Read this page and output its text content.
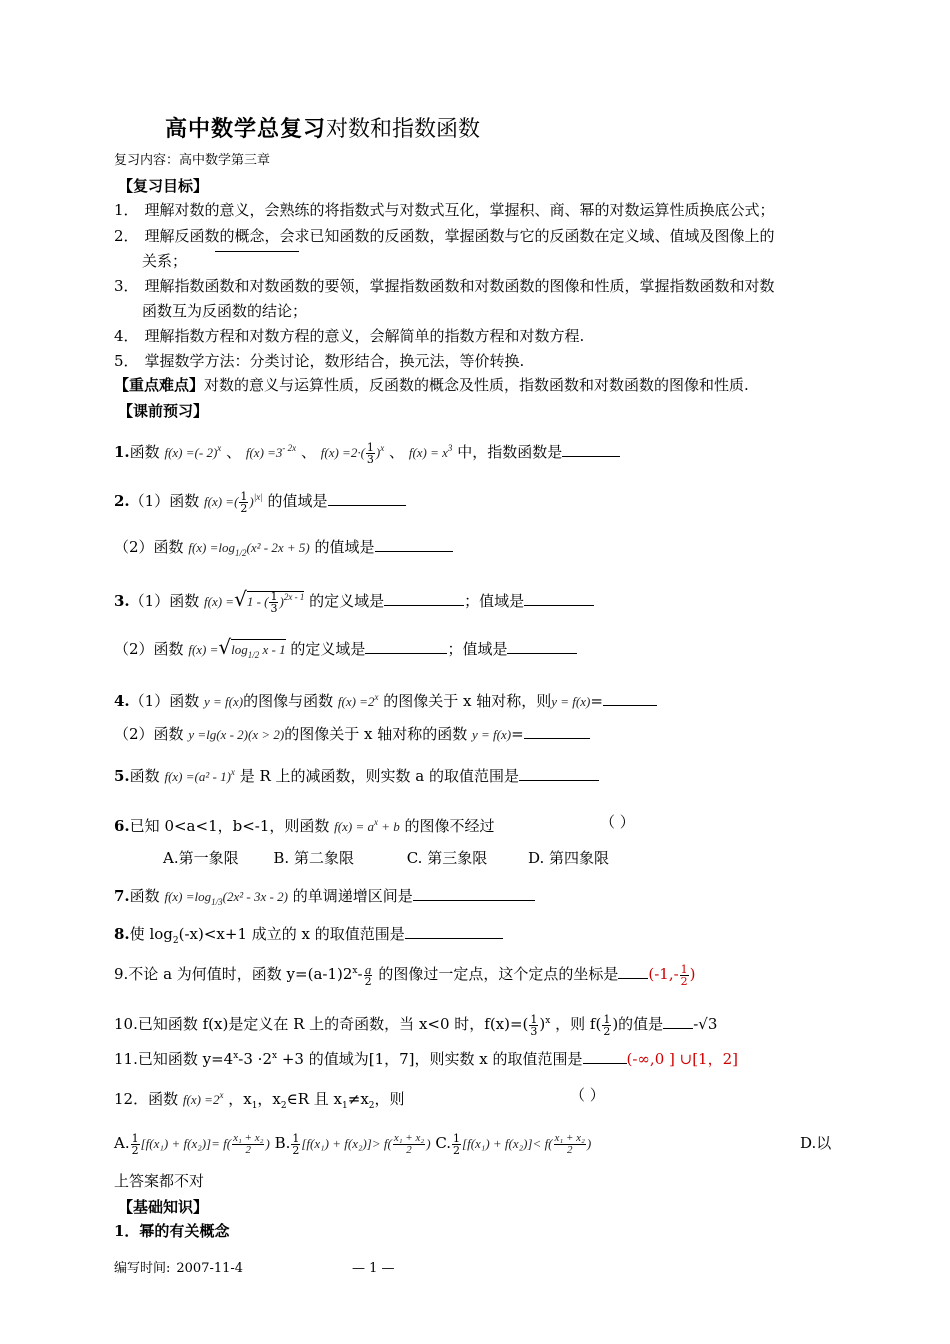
高中数学总复习对数和指数函数
复习内容：高中数学第三章
【复习目标】
1． 理解对数的意义，会熟练的将指数式与对数式互化，掌握积、商、幂的对数运算性质换底公式；
2． 理解反函数的概念，会求已知函数的反函数，掌握函数与它的反函数在定义域、值域及图像上的
关系；
3． 理解指数函数和对数函数的要领，掌握指数函数和对数函数的图像和性质，掌握指数函数和对数
函数互为反函数的结论；
4． 理解指数方程和对数方程的意义，会解简单的指数方程和对数方程.
5． 掌握数学方法：分类讨论，数形结合，换元法，等价转换.
【重点难点】对数的意义与运算性质，反函数的概念及性质，指数函数和对数函数的图像和性质.
【课前预习】
1.函数 f(x) =(- 2)$^x$ 、 $f(x) =3^{- 2x}$ 、 $f(x) =2\cdot( \frac{1}{3} )^x$ 、 $f(x) = x^3$ 中，指数函数是
2.（1）函数 f(x) =( $\frac{1}{2} )^{|x|}$ 的值域是
（2）函数 $f(x) =\log_{1/2}(x^2 - 2x + 5)$ 的值域是
3.（1）函数 f(x) =√1 - ( $\frac{1}{3} )^{2x - 1}$ 的定义域是	；值域是
（2）函数 $f(x) =√\log_{1/2}$ x - 1 的定义域是	；值域是
4.（1）函数 y = f(x)的图像与函数 $f(x) =2^x$ 的图像关于 x 轴对称，则y = f(x)=
（2）函数 y =lg(x - 2)(x > 2)的图像关于 x 轴对称的函数 y = f(x)=
5.函数 f(x) =(a² - 1)$^x$ 是 R 上的减函数，则实数 a 的取值范围是
6.已知 0<a<1，b<-1，则函数 $f(x) = a^x + b$ 的图像不经过	（ ）
A.第一象限 B. 第二象限	C. 第三象限	D. 第四象限
7.函数 $f(x) =\log_{1/3}(2x^2 - 3x - 2)$ 的单调递增区间是
8.使 $\log_2(-x)<x+1$ 成立的 x 的取值范围是
9.不论 a 为何值时，函数 $y=(a-1)2^x- \frac{a}{2}$ 的图像过一定点，这个定点的坐标是 ($-1,- \frac{1}{2}$ )
10.已知函数 f(x)是定义在 R 上的奇函数，当 x<0 时，$f(x)=( \frac{1}{3} )^x$ ，则 $f( \frac{1}{2}$ )的值是 -√3
11.已知函数 $y=4^x-3 \cdot 2^x +3$ 的值域为[1，7]，则实数 x 的取值范围是	(-∞,0 ] ∪[1，2]
12．函数 $f(x) =2^x$ ，$x_1$，$x_2\in R$ 且 $x_1\ne x_2$，则	（ ）
A. $\frac{1}{2} [f(x_1) + f(x_2)]= f( \frac{\text{x₁ + x₂}}{2}$ ) B. $\frac{1}{2} [f(x_1) + f(x_2)]> f( \frac{\text{x₁ + x₂}}{2}$ ) C. $\frac{1}{2} [f(x_1) + f(x_2)]< f( \frac{\text{x₁ + x₂}}{2}$ )	D.以
上答案都不对
【基础知识】
1．幂的有关概念
编写时间: 2007-11-4	— 1 —
